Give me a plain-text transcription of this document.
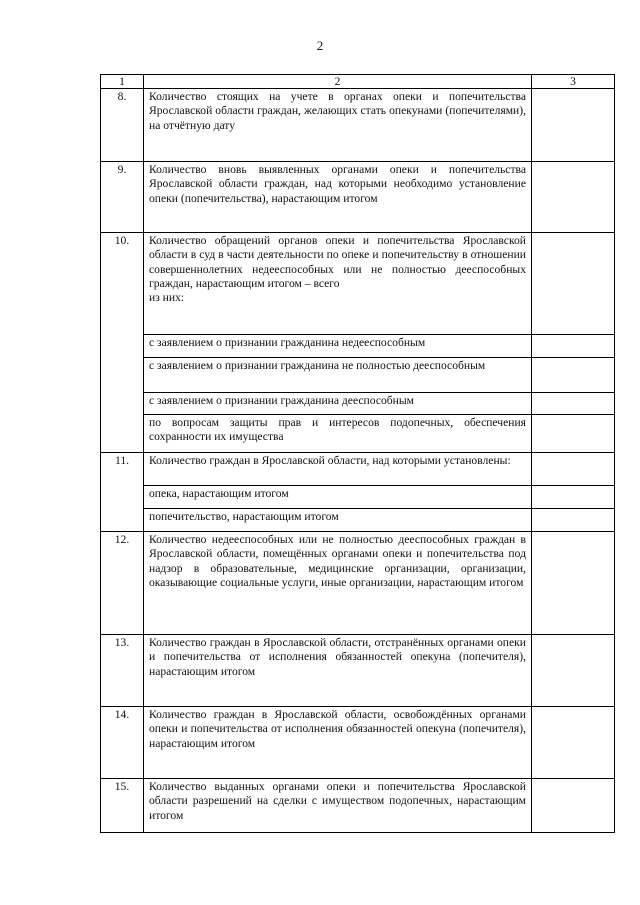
2
1	2	3
8.	Количество стоящих на учете в органах опеки и попечительства Ярославской области граждан, желающих стать опекунами (попечителями), на отчётную дату	
9.	Количество вновь выявленных органами опеки и попечительства Ярославской области граждан, над которыми необходимо установление опеки (попечительства), нарастающим итогом	
10.	Количество обращений органов опеки и попечительства Ярославской области в суд в части деятельности по опеке и попечительству в отношении совершеннолетних недееспособных или не полностью дееспособных граждан, нарастающим итогом – всего
из них:	

	с заявлением о признании гражданина недееспособным	
	с заявлением о признании гражданина не полностью дееспособным	
	с заявлением о признании гражданина дееспособным	
	по вопросам защиты прав и интересов подопечных, обеспечения сохранности их имущества	
11.	Количество граждан в Ярославской области, над которыми установлены:	
	опека, нарастающим итогом	
	попечительство, нарастающим итогом	
12.	Количество недееспособных или не полностью дееспособных граждан в Ярославской области, помещённых органами опеки и попечительства под надзор в образовательные, медицинские организации, организации, оказывающие социальные услуги, иные организации, нарастающим итогом	
13.	Количество граждан в Ярославской области, отстранённых органами опеки и попечительства от исполнения обязанностей опекуна (попечителя), нарастающим итогом	
14.	Количество граждан в Ярославской области, освобождённых органами опеки и попечительства от исполнения обязанностей опекуна (попечителя), нарастающим итогом	
15.	Количество выданных органами опеки и попечительства Ярославской области разрешений на сделки с имуществом подопечных, нарастающим итогом	
